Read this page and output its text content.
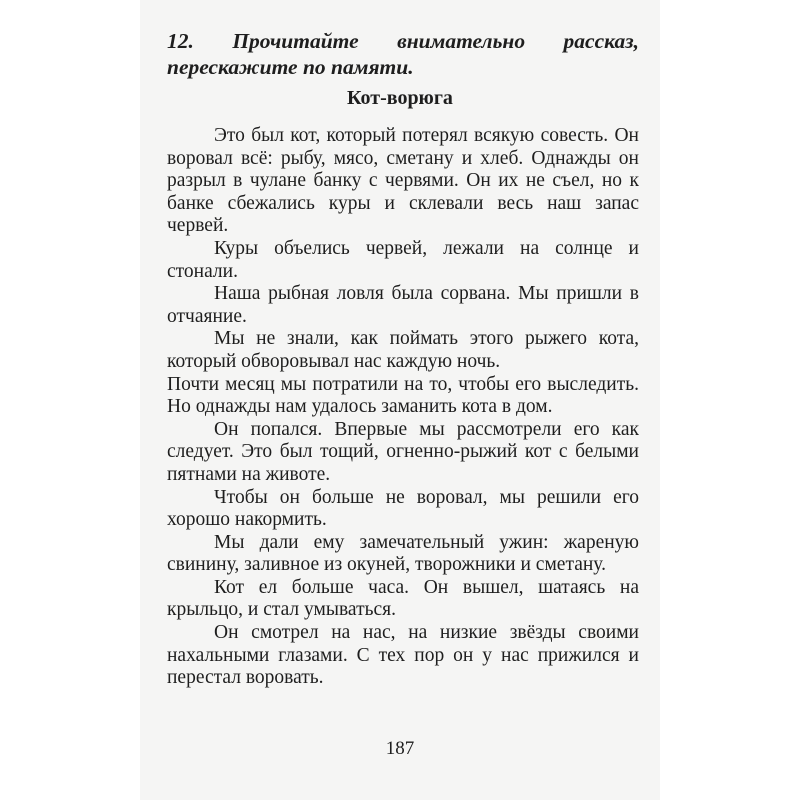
12. Прочитайте внимательно рассказ,
перескажите по памяти.
Кот-ворюга

Это был кот, который потерял всякую совесть. Он воровал всё: рыбу, мясо, сметану и хлеб. Однажды он разрыл в чулане банку с червями. Он их не съел, но к банке сбежались куры и склевали весь наш запас червей.

Куры объелись червей, лежали на солнце и стонали.

Наша рыбная ловля была сорвана. Мы пришли в отчаяние.

Мы не знали, как поймать этого рыжего кота, который обворовывал нас каждую ночь.

Почти месяц мы потратили на то, чтобы его выследить. Но однажды нам удалось заманить кота в дом.

Он попался. Впервые мы рассмотрели его как следует. Это был тощий, огненно-рыжий кот с белыми пятнами на животе.

Чтобы он больше не воровал, мы решили его хорошо накормить.

Мы дали ему замечательный ужин: жареную свинину, заливное из окуней, творожники и сметану.

Кот ел больше часа. Он вышел, шатаясь на крыльцо, и стал умываться.

Он смотрел на нас, на низкие звёзды своими нахальными глазами. С тех пор он у нас прижился и перестал воровать.

187
